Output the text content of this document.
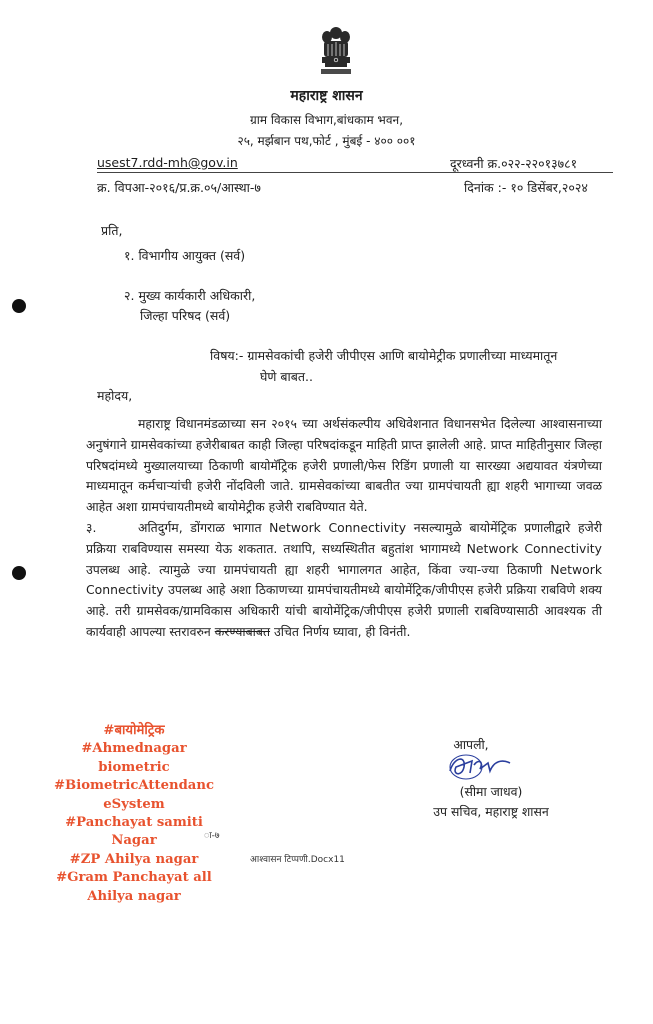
महाराष्ट्र शासन
ग्राम विकास विभाग,बांधकाम भवन,
२५, मर्झबान पथ,फोर्ट , मुंबई - ४०० ००१
usest7.rdd-mh@gov.in	दूरध्वनी क्र.०२२-२२०१३७८१
क्र. विपआ-२०१६/प्र.क्र.०५/आस्था-७	दिनांक :- १० डिसेंबर,२०२४
प्रति,
१. विभागीय आयुक्त (सर्व)
२. मुख्य कार्यकारी अधिकारी,
जिल्हा परिषद (सर्व)
विषय:- ग्रामसेवकांची हजेरी जीपीएस आणि बायोमेट्रीक प्रणालीच्या माध्यमातून
घेणे बाबत..
महोदय,

महाराष्ट्र विधानमंडळाच्या सन २०१५ च्या अर्थसंकल्पीय अधिवेशनात विधानसभेत दिलेल्या आश्वासनाच्या अनुषंगाने ग्रामसेवकांच्या हजेरीबाबत काही जिल्हा परिषदांकडून माहिती प्राप्त झालेली आहे. प्राप्त माहितीनुसार जिल्हा परिषदांमध्ये मुख्यालयाच्या ठिकाणी बायोमॅट्रिक हजेरी प्रणाली/फेस रिडिंग प्रणाली या सारख्या अद्ययावत यंत्रणेच्या माध्यमातून कर्मचाऱ्यांची हजेरी नोंदविली जाते. ग्रामसेवकांच्या बाबतीत ज्या ग्रामपंचायती ह्या शहरी भागाच्या जवळ आहेत अशा ग्रामपंचायतीमध्ये बायोमेट्रीक हजेरी राबविण्यात येते.

३.	अतिदुर्गम, डोंगराळ भागात Network Connectivity नसल्यामुळे बायोमेंट्रिक प्रणालीद्वारे हजेरी प्रक्रिया राबविण्यास समस्या येऊ शकतात. तथापि, सध्यस्थितीत बहुतांश भागामध्ये Network Connectivity उपलब्ध आहे. त्यामुळे ज्या ग्रामपंचायती ह्या शहरी भागालगत आहेत, किंवा ज्या-ज्या ठिकाणी Network Connectivity उपलब्ध आहे अशा ठिकाणच्या ग्रामपंचायतीमध्ये बायोमेंट्रिक/जीपीएस हजेरी प्रक्रिया राबविणे शक्य आहे. तरी ग्रामसेवक/ग्रामविकास अधिकारी यांची बायोमेंट्रिक/जीपीएस हजेरी प्रणाली राबविण्यासाठी आवश्यक ती कार्यवाही आपल्या स्तरावरुन करण्याबाबत उचित निर्णय घ्यावा, ही विनंती.

#बायोमेट्रिक
#Ahmednagar
biometric
#BiometricAttendanc
eSystem
#Panchayat samiti
Nagar
#ZP Ahilya nagar
#Gram Panchayat all
Ahilya nagar
आपली,
(सीमा जाधव)
उप सचिव, महाराष्ट्र शासन
ा-७
आश्वासन टिप्पणी.Docx11
